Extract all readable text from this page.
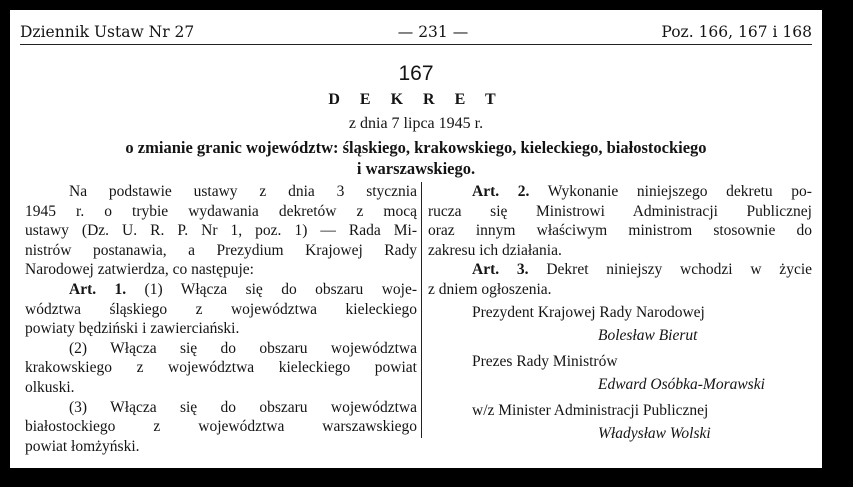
Dziennik Ustaw Nr 27	— 231 —	Poz. 166, 167 i 168
167
D E K R E T
z dnia 7 lipca 1945 r.
o zmianie granic województw: śląskiego, krakowskiego, kieleckiego, białostockiego
i warszawskiego.

Na podstawie ustawy z dnia 3 stycznia
1945 r. o trybie wydawania dekretów z mocą
ustawy (Dz. U. R. P. Nr 1, poz. 1) — Rada Mi-
nistrów postanawia, a Prezydium Krajowej Rady
Narodowej zatwierdza, co następuje:

Art. 1. (1) Włącza się do obszaru woje-
wództwa śląskiego z województwa kieleckiego
powiaty będziński i zawierciański.

(2) Włącza się do obszaru województwa
krakowskiego z województwa kieleckiego powiat
olkuski.

(3) Włącza się do obszaru województwa
białostockiego z województwa warszawskiego
powiat łomżyński.

Art. 2. Wykonanie niniejszego dekretu po-
rucza się Ministrowi Administracji Publicznej
oraz innym właściwym ministrom stosownie do
zakresu ich działania.

Art. 3. Dekret niniejszy wchodzi w życie
z dniem ogłoszenia.

Prezydent Krajowej Rady Narodowej
Bolesław Bierut
Prezes Rady Ministrów
Edward Osóbka-Morawski
w/z Minister Administracji Publicznej
Władysław Wolski
